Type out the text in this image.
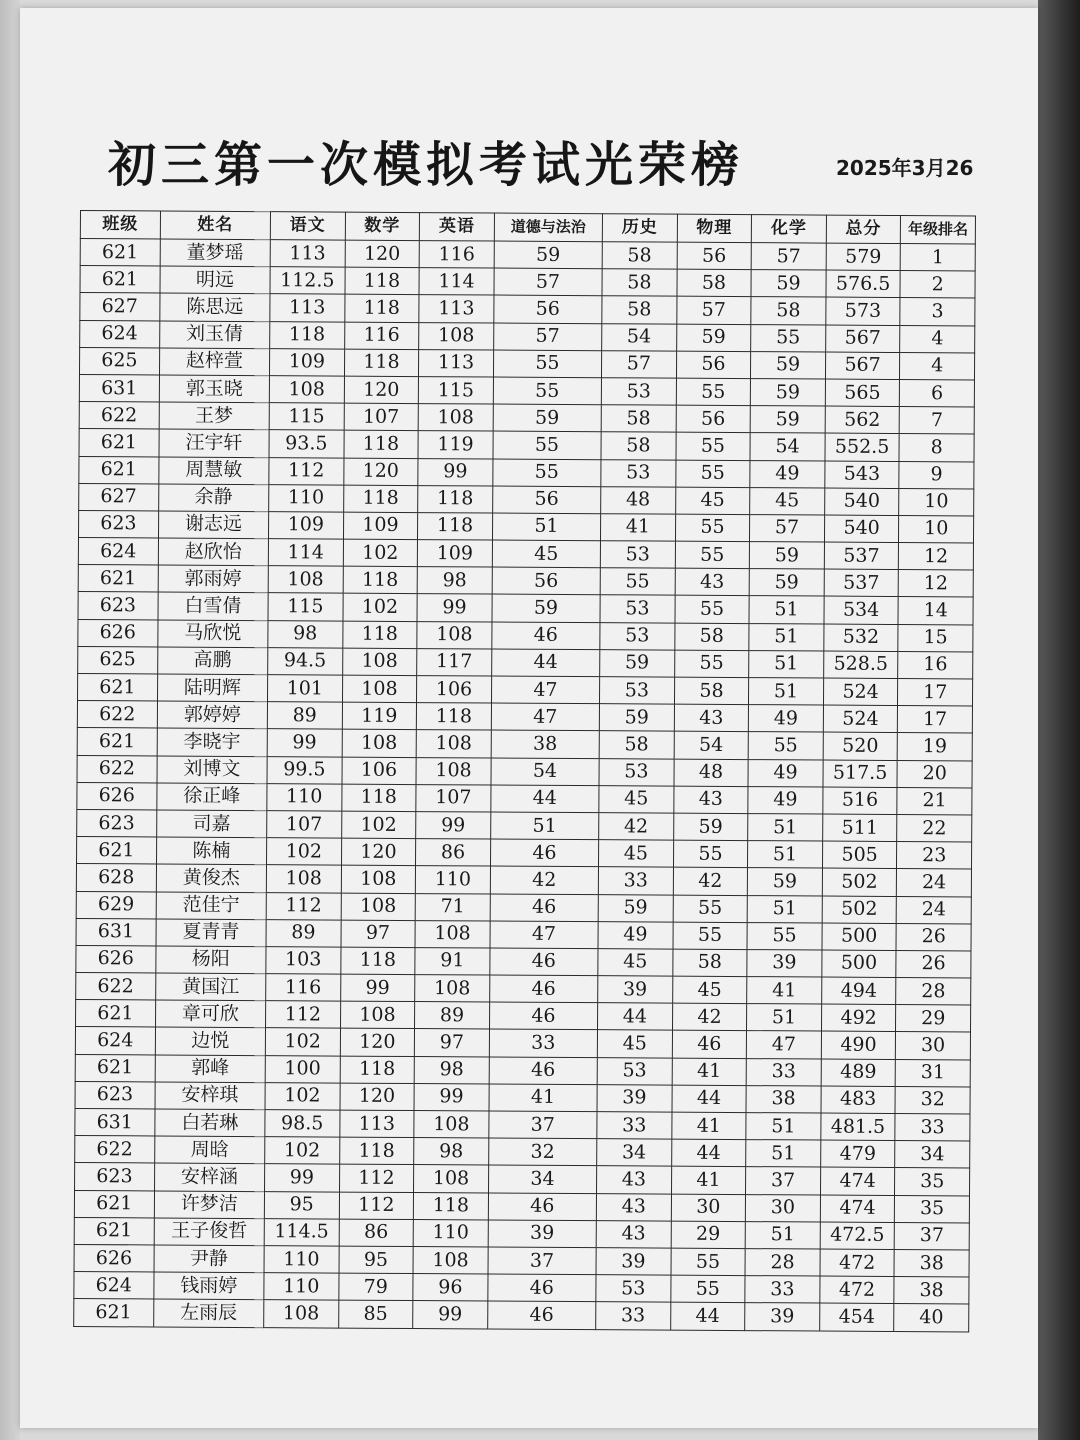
初三第一次模拟考试光荣榜	2025年3月26
班级	姓名	语文	数学	英语	道德与法治	历史	物理	化学	总分	年级排名
621	董梦瑶	113	120	116	59	58	56	57	579	1
621	明远	112.5	118	114	57	58	58	59	576.5	2
627	陈思远	113	118	113	56	58	57	58	573	3
624	刘玉倩	118	116	108	57	54	59	55	567	4
625	赵梓萱	109	118	113	55	57	56	59	567	4
631	郭玉晓	108	120	115	55	53	55	59	565	6
622	王梦	115	107	108	59	58	56	59	562	7
621	汪宇轩	93.5	118	119	55	58	55	54	552.5	8
621	周慧敏	112	120	99	55	53	55	49	543	9
627	余静	110	118	118	56	48	45	45	540	10
623	谢志远	109	109	118	51	41	55	57	540	10
624	赵欣怡	114	102	109	45	53	55	59	537	12
621	郭雨婷	108	118	98	56	55	43	59	537	12
623	白雪倩	115	102	99	59	53	55	51	534	14
626	马欣悦	98	118	108	46	53	58	51	532	15
625	高鹏	94.5	108	117	44	59	55	51	528.5	16
621	陆明辉	101	108	106	47	53	58	51	524	17
622	郭婷婷	89	119	118	47	59	43	49	524	17
621	李晓宇	99	108	108	38	58	54	55	520	19
622	刘博文	99.5	106	108	54	53	48	49	517.5	20
626	徐正峰	110	118	107	44	45	43	49	516	21
623	司嘉	107	102	99	51	42	59	51	511	22
621	陈楠	102	120	86	46	45	55	51	505	23
628	黄俊杰	108	108	110	42	33	42	59	502	24
629	范佳宁	112	108	71	46	59	55	51	502	24
631	夏青青	89	97	108	47	49	55	55	500	26
626	杨阳	103	118	91	46	45	58	39	500	26
622	黄国江	116	99	108	46	39	45	41	494	28
621	章可欣	112	108	89	46	44	42	51	492	29
624	边悦	102	120	97	33	45	46	47	490	30
621	郭峰	100	118	98	46	53	41	33	489	31
623	安梓琪	102	120	99	41	39	44	38	483	32
631	白若琳	98.5	113	108	37	33	41	51	481.5	33
622	周晗	102	118	98	32	34	44	51	479	34
623	安梓涵	99	112	108	34	43	41	37	474	35
621	许梦洁	95	112	118	46	43	30	30	474	35
621	王子俊哲	114.5	86	110	39	43	29	51	472.5	37
626	尹静	110	95	108	37	39	55	28	472	38
624	钱雨婷	110	79	96	46	53	55	33	472	38
621	左雨辰	108	85	99	46	33	44	39	454	40
